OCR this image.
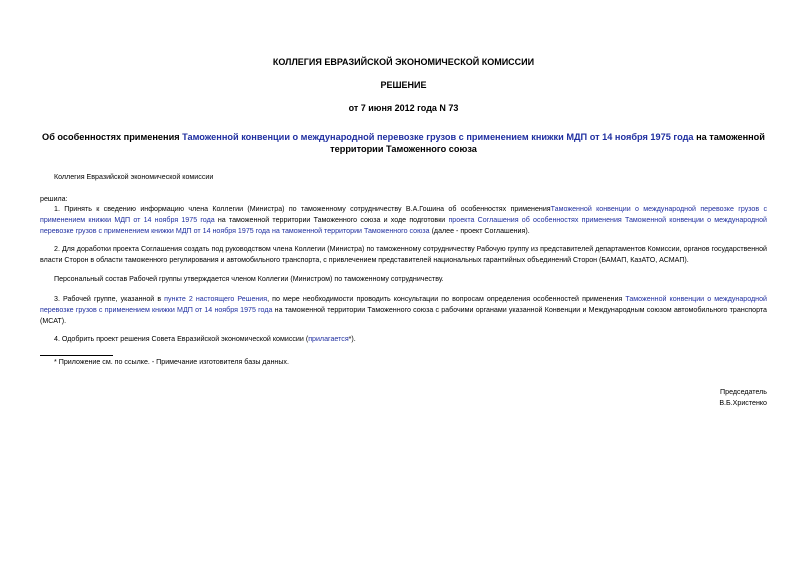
КОЛЛЕГИЯ ЕВРАЗИЙСКОЙ ЭКОНОМИЧЕСКОЙ КОМИССИИ
РЕШЕНИЕ
от 7 июня 2012 года N 73
Об особенностях применения Таможенной конвенции о международной перевозке грузов с применением книжки МДП от 14 ноября 1975 года на таможенной территории Таможенного союза
Коллегия Евразийской экономической комиссии
решила:
1. Принять к сведению информацию члена Коллегии (Министра) по таможенному сотрудничеству В.А.Гошина об особенностях примененияТаможенной конвенции о международной перевозке грузов с применением книжки МДП от 14 ноября 1975 года на таможенной территории Таможенного союза и ходе подготовки проекта Соглашения об особенностях применения Таможенной конвенции о международной перевозке грузов с применением книжки МДП от 14 ноября 1975 года на таможенной территории Таможенного союза (далее - проект Соглашения).
2. Для доработки проекта Соглашения создать под руководством члена Коллегии (Министра) по таможенному сотрудничеству Рабочую группу из представителей департаментов Комиссии, органов государственной власти Сторон в области таможенного регулирования и автомобильного транспорта, с привлечением представителей национальных гарантийных объединений Сторон (БАМАП, КазАТО, АСМАП).
Персональный состав Рабочей группы утверждается членом Коллегии (Министром) по таможенному сотрудничеству.
3. Рабочей группе, указанной в пункте 2 настоящего Решения, по мере необходимости проводить консультации по вопросам определения особенностей применения Таможенной конвенции о международной перевозке грузов с применением книжки МДП от 14 ноября 1975 года на таможенной территории Таможенного союза с рабочими органами указанной Конвенции и Международным союзом автомобильного транспорта (МСАТ).
4. Одобрить проект решения Совета Евразийской экономической комиссии (прилагается*).
* Приложение см. по ссылке. - Примечание изготовителя базы данных.
Председатель
В.Б.Христенко
